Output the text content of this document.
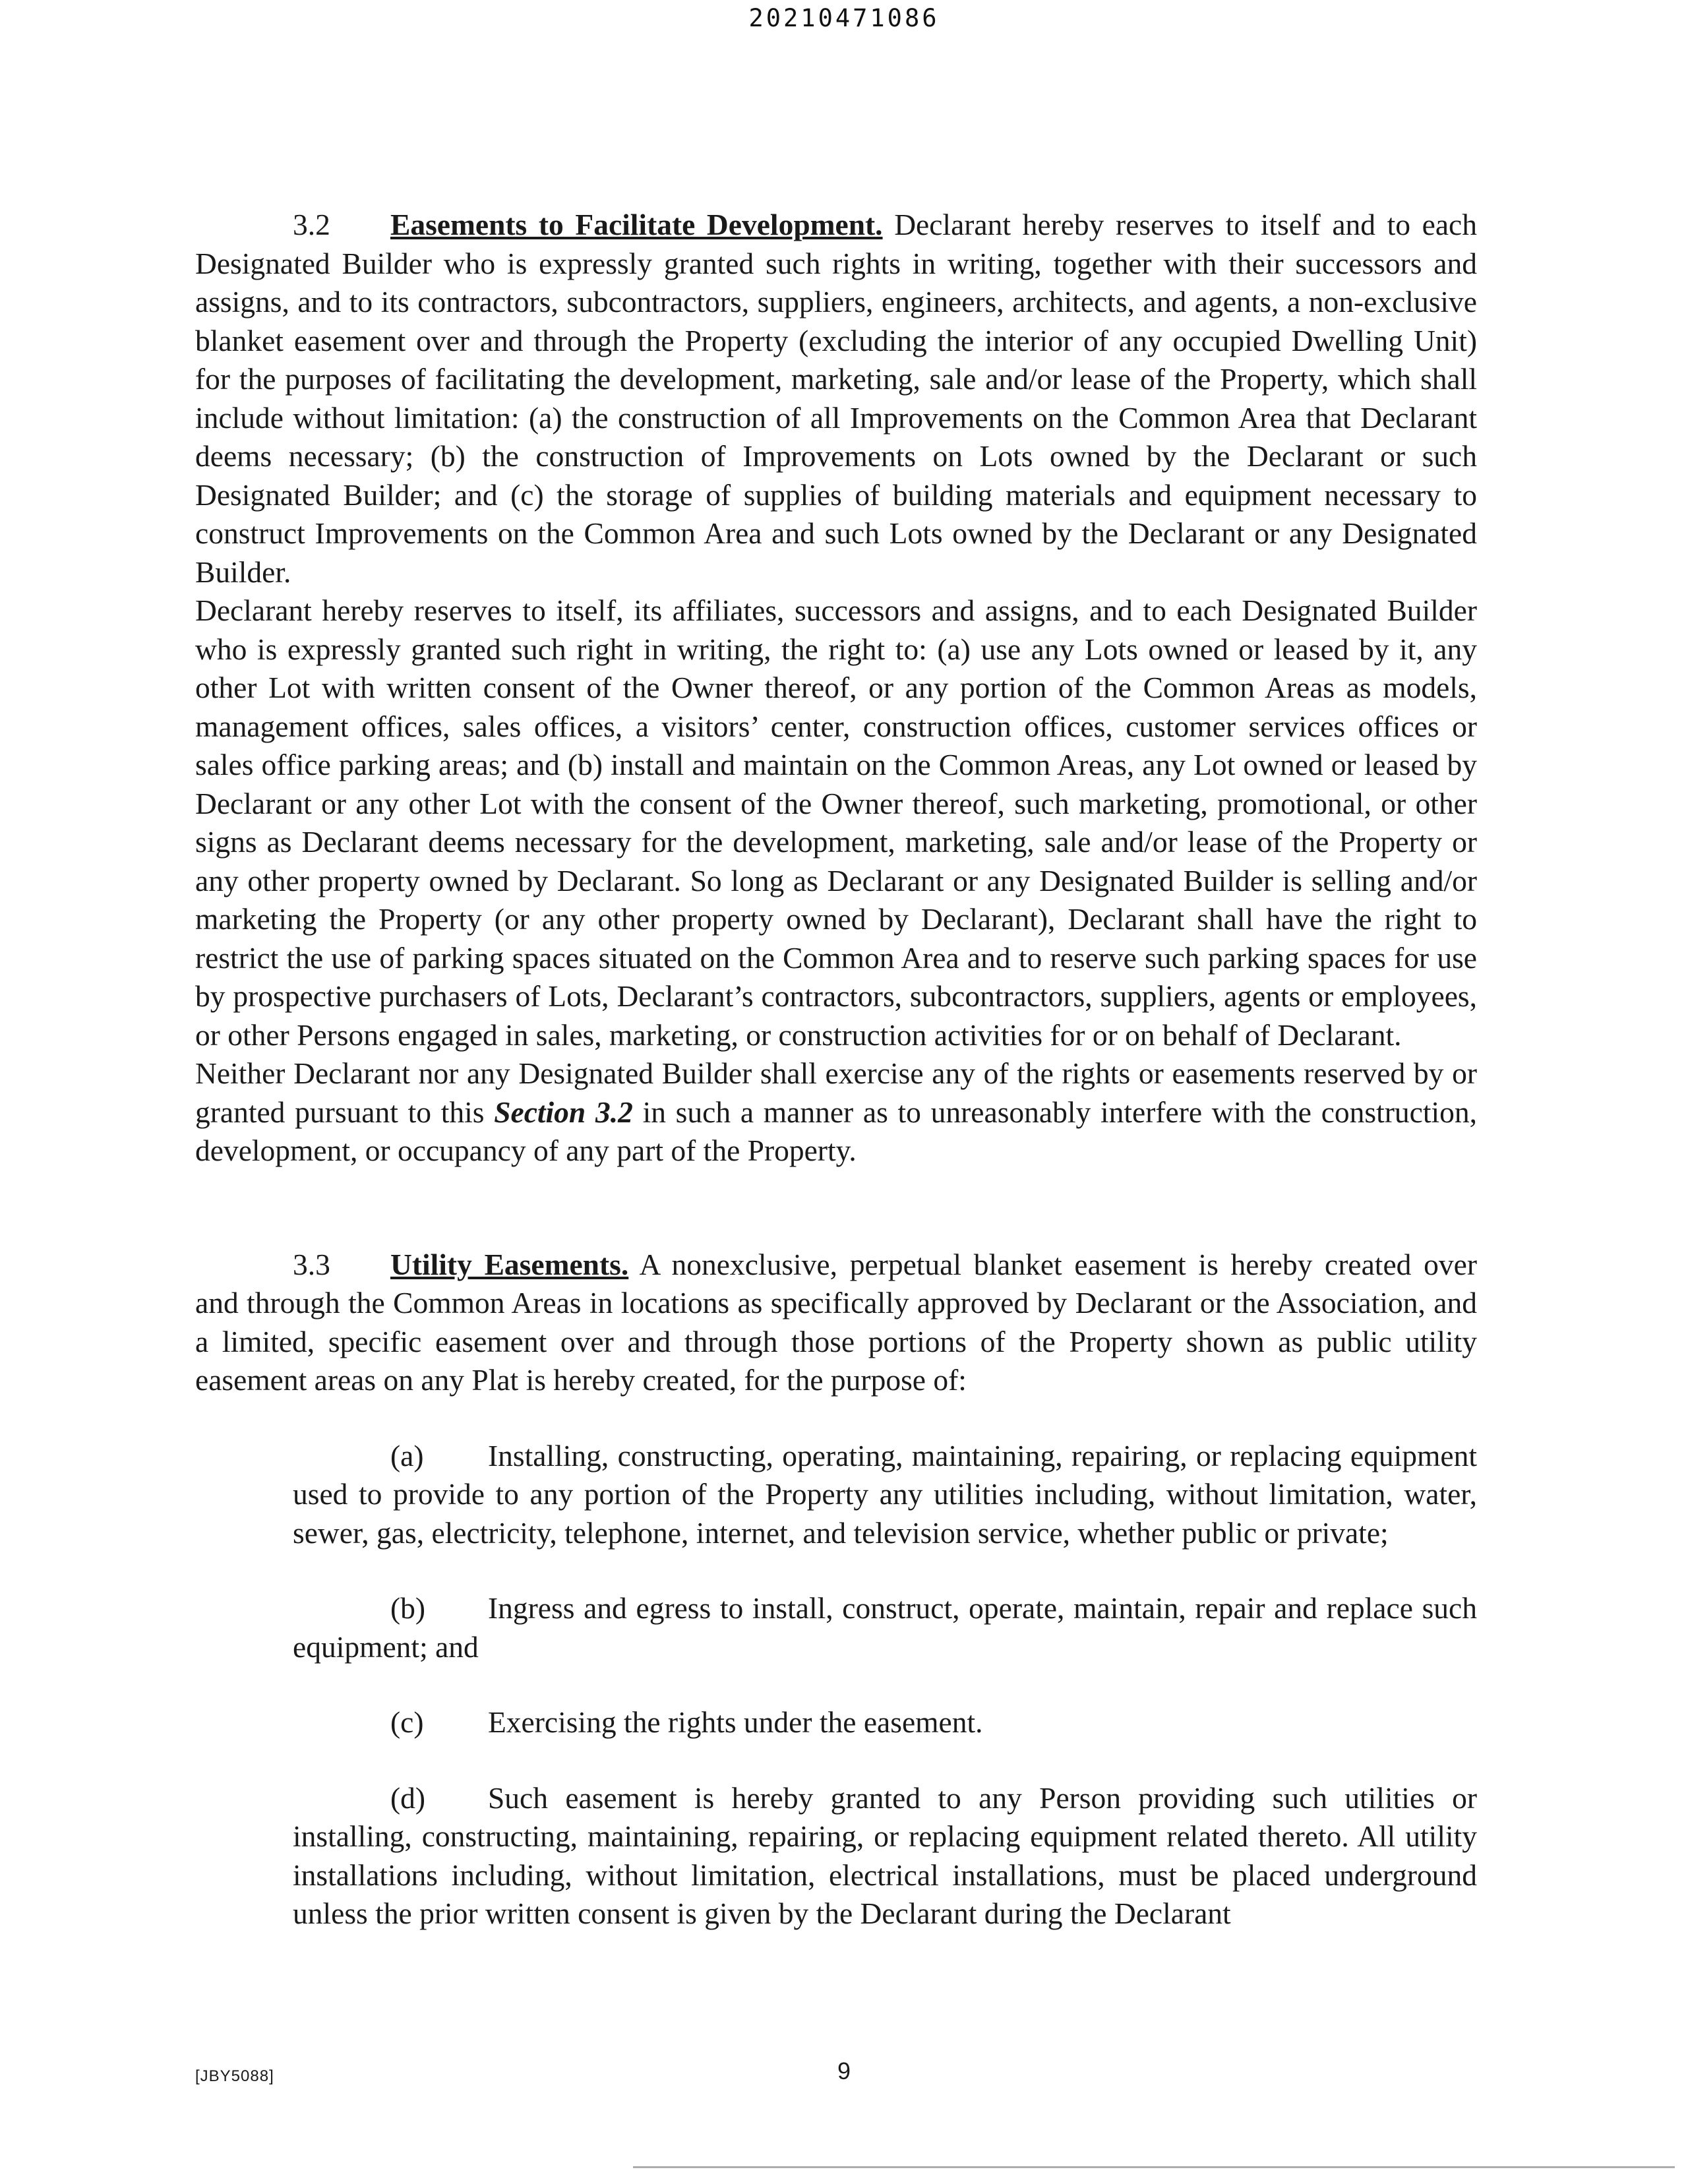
20210471086

3.2 Easements to Facilitate Development. Declarant hereby reserves to itself and to each Designated Builder who is expressly granted such rights in writing, together with their successors and assigns, and to its contractors, subcontractors, suppliers, engineers, architects, and agents, a non-exclusive blanket easement over and through the Property (excluding the interior of any occupied Dwelling Unit) for the purposes of facilitating the development, marketing, sale and/or lease of the Property, which shall include without limitation: (a) the construction of all Improvements on the Common Area that Declarant deems necessary; (b) the construction of Improvements on Lots owned by the Declarant or such Designated Builder; and (c) the storage of supplies of building materials and equipment necessary to construct Improvements on the Common Area and such Lots owned by the Declarant or any Designated Builder.

Declarant hereby reserves to itself, its affiliates, successors and assigns, and to each Designated Builder who is expressly granted such right in writing, the right to: (a) use any Lots owned or leased by it, any other Lot with written consent of the Owner thereof, or any portion of the Common Areas as models, management offices, sales offices, a visitors’ center, construction offices, customer services offices or sales office parking areas; and (b) install and maintain on the Common Areas, any Lot owned or leased by Declarant or any other Lot with the consent of the Owner thereof, such marketing, promotional, or other signs as Declarant deems necessary for the development, marketing, sale and/or lease of the Property or any other property owned by Declarant. So long as Declarant or any Designated Builder is selling and/or marketing the Property (or any other property owned by Declarant), Declarant shall have the right to restrict the use of parking spaces situated on the Common Area and to reserve such parking spaces for use by prospective purchasers of Lots, Declarant’s contractors, subcontractors, suppliers, agents or employees, or other Persons engaged in sales, marketing, or construction activities for or on behalf of Declarant.

Neither Declarant nor any Designated Builder shall exercise any of the rights or easements reserved by or granted pursuant to this Section 3.2 in such a manner as to unreasonably interfere with the construction, development, or occupancy of any part of the Property.

3.3 Utility Easements. A nonexclusive, perpetual blanket easement is hereby created over and through the Common Areas in locations as specifically approved by Declarant or the Association, and a limited, specific easement over and through those portions of the Property shown as public utility easement areas on any Plat is hereby created, for the purpose of:

(a) Installing, constructing, operating, maintaining, repairing, or replacing equipment used to provide to any portion of the Property any utilities including, without limitation, water, sewer, gas, electricity, telephone, internet, and television service, whether public or private;

(b) Ingress and egress to install, construct, operate, maintain, repair and replace such equipment; and

(c) Exercising the rights under the easement.

(d) Such easement is hereby granted to any Person providing such utilities or installing, constructing, maintaining, repairing, or replacing equipment related thereto. All utility installations including, without limitation, electrical installations, must be placed underground unless the prior written consent is given by the Declarant during the Declarant

[JBY5088]	9
